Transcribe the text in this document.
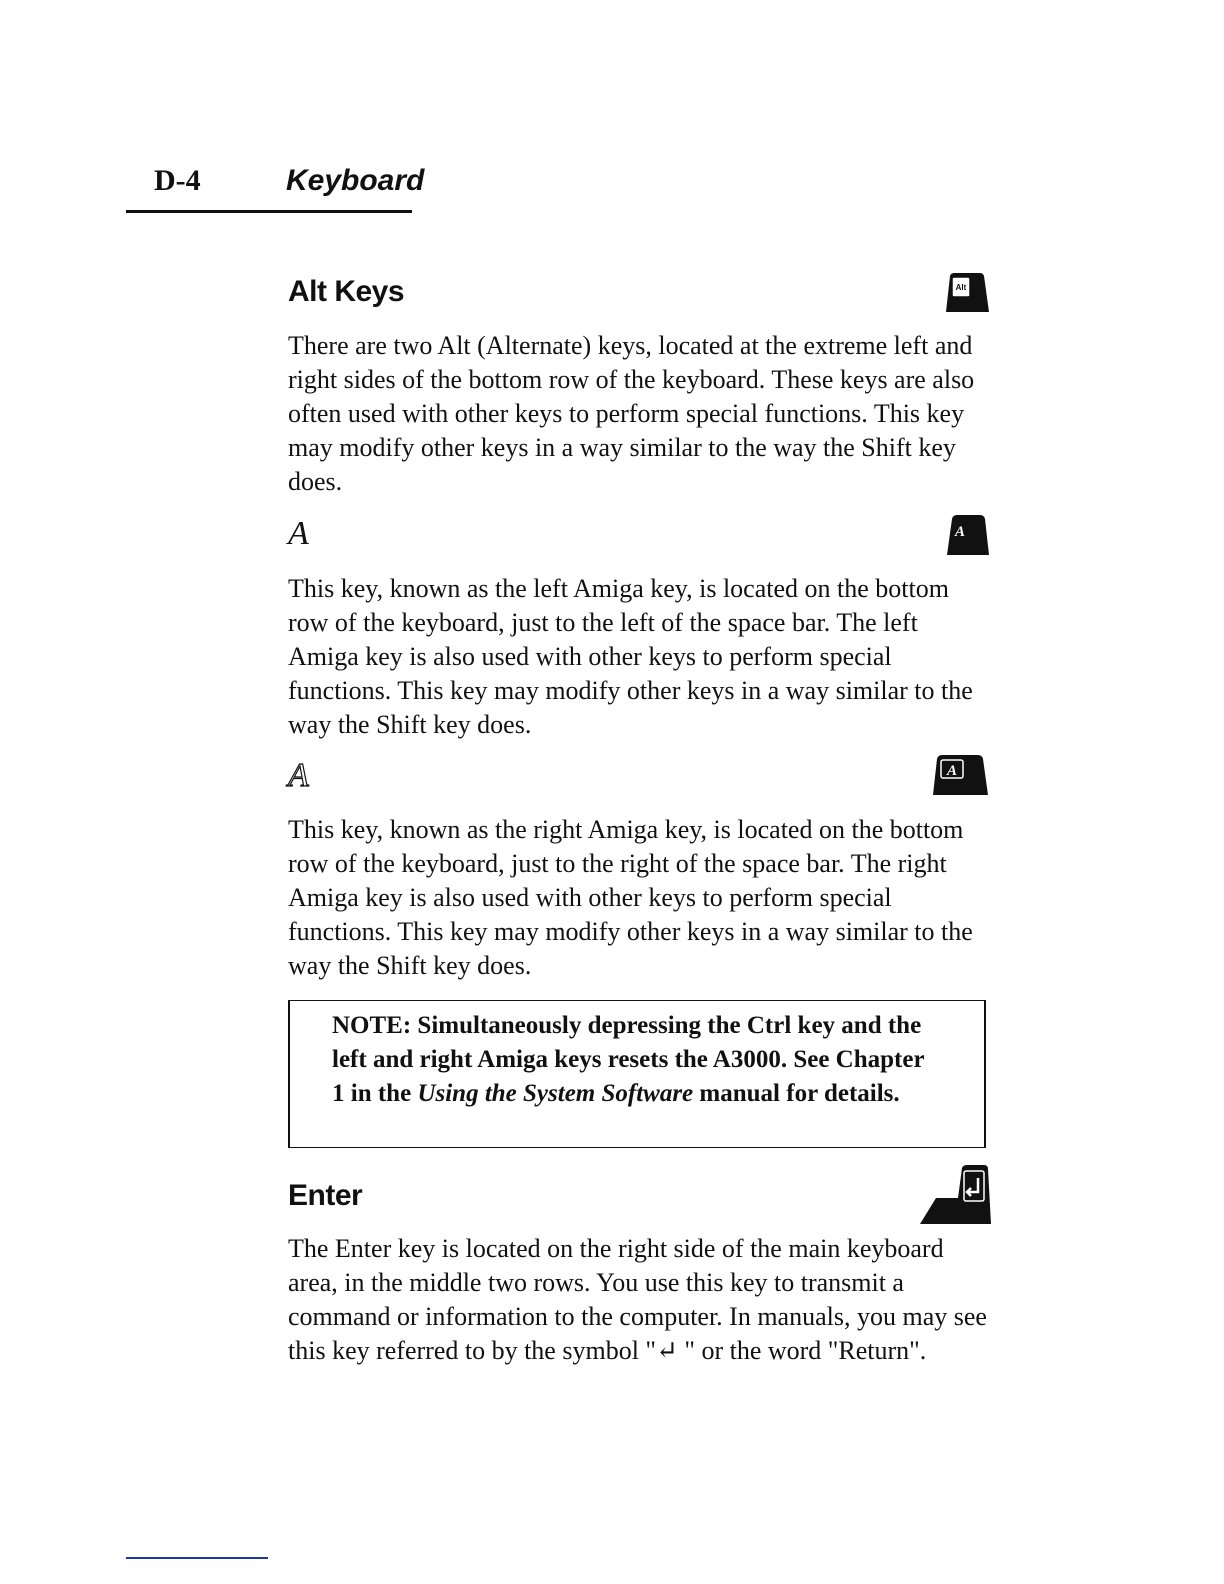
D-4	Keyboard
Alt Keys	Alt

There are two Alt (Alternate) keys, located at the extreme left and right sides of the bottom row of the keyboard. These keys are also often used with other keys to perform special functions. This key may modify other keys in a way similar to the way the Shift key does.

A	A

This key, known as the left Amiga key, is located on the bottom row of the keyboard, just to the left of the space bar. The left Amiga key is also used with other keys to perform special functions. This key may modify other keys in a way similar to the way the Shift key does.

A	A

This key, known as the right Amiga key, is located on the bottom row of the keyboard, just to the right of the space bar. The right Amiga key is also used with other keys to perform special functions. This key may modify other keys in a way similar to the way the Shift key does.

NOTE: Simultaneously depressing the Ctrl key and the left and right Amiga keys resets the A3000. See Chapter 1 in the Using the System Software manual for details.
Enter

The Enter key is located on the right side of the main keyboard area, in the middle two rows. You use this key to transmit a command or information to the computer. In manuals, you may see this key referred to by the symbol "↵ " or the word "Return".
